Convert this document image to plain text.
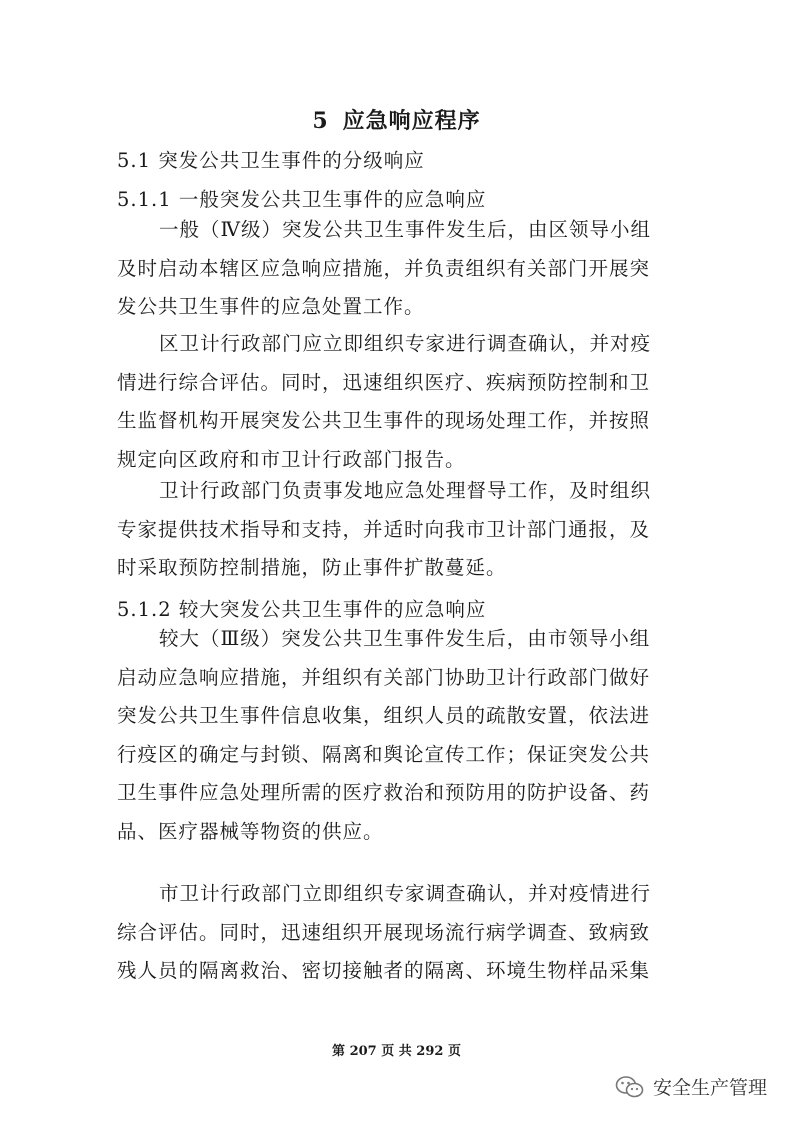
5 应急响应程序
5.1 突发公共卫生事件的分级响应
5.1.1 一般突发公共卫生事件的应急响应
一般（Ⅳ级）突发公共卫生事件发生后，由区领导小组
及时启动本辖区应急响应措施，并负责组织有关部门开展突
发公共卫生事件的应急处置工作。
区卫计行政部门应立即组织专家进行调查确认，并对疫
情进行综合评估。同时，迅速组织医疗、疾病预防控制和卫
生监督机构开展突发公共卫生事件的现场处理工作，并按照
规定向区政府和市卫计行政部门报告。
卫计行政部门负责事发地应急处理督导工作，及时组织
专家提供技术指导和支持，并适时向我市卫计部门通报，及
时采取预防控制措施，防止事件扩散蔓延。
5.1.2 较大突发公共卫生事件的应急响应
较大（Ⅲ级）突发公共卫生事件发生后，由市领导小组
启动应急响应措施，并组织有关部门协助卫计行政部门做好
突发公共卫生事件信息收集，组织人员的疏散安置，依法进
行疫区的确定与封锁、隔离和舆论宣传工作；保证突发公共
卫生事件应急处理所需的医疗救治和预防用的防护设备、药
品、医疗器械等物资的供应。
市卫计行政部门立即组织专家调查确认，并对疫情进行
综合评估。同时，迅速组织开展现场流行病学调查、致病致
残人员的隔离救治、密切接触者的隔离、环境生物样品采集
第 207 页 共 292 页
安全生产管理
